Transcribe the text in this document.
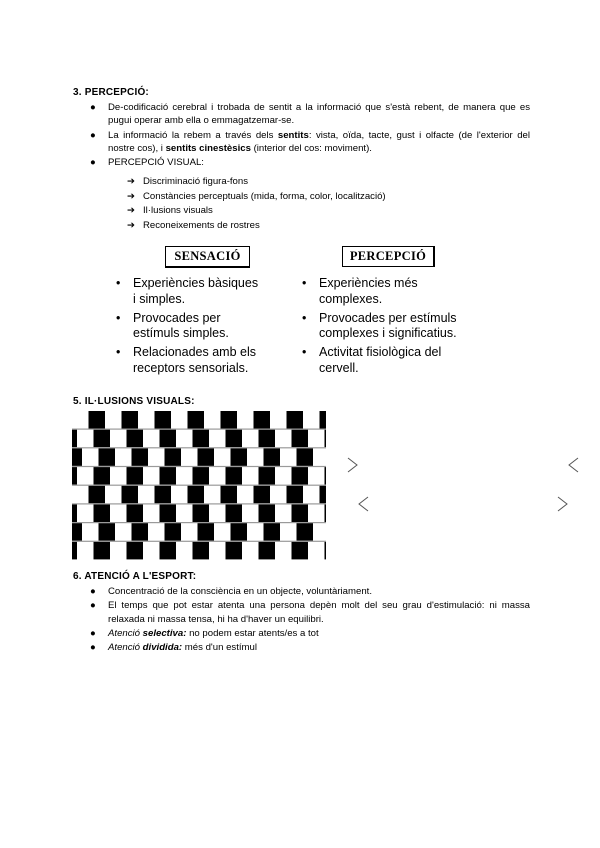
3. PERCEPCIÓ:
● De-codificació cerebral i trobada de sentit a la informació que s'està rebent, de manera que es pugui operar amb ella o emmagatzemar-se.
● La informació la rebem a través dels sentits: vista, oïda, tacte, gust i olfacte (de l'exterior del nostre cos), i sentits cinestèsics (interior del cos: moviment).
● PERCEPCIÓ VISUAL:
➔ Discriminació figura-fons
➔ Constàncies perceptuals (mida, forma, color, localització)
➔ Il·lusions visuals
➔ Reconeixements de rostres
SENSACIÓ	PERCEPCIÓ
• Experiències bàsiques
i simples.
• Provocades per
estímuls simples.
• Relacionades amb els
receptors sensorials.
• Experiències més
complexes.
• Provocades per estímuls
complexes i significatius.
• Activitat fisiològica del
cervell.
5. IL·LUSIONS VISUALS:
6. ATENCIÓ A L'ESPORT:
● Concentració de la consciència en un objecte, voluntàriament.
● El temps que pot estar atenta una persona depèn molt del seu grau d'estimulació: ni massa relaxada ni massa tensa, hi ha d'haver un equilibri.
● Atenció selectiva: no podem estar atents/es a tot
● Atenció dividida: més d'un estímul
